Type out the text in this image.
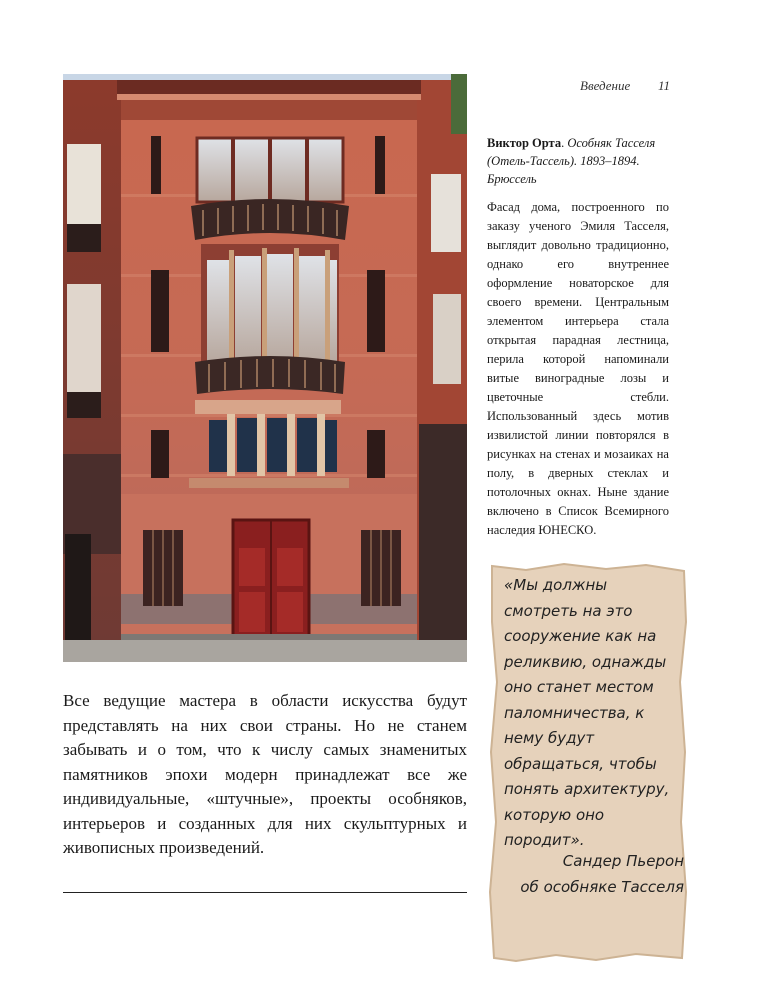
Введение 11

Виктор Орта. Особняк Тасселя (Отель-Тассель). 1893–1894. Брюссель

Фасад дома, построенного по заказу ученого Эмиля Тасселя, выглядит довольно традиционно, однако его внутреннее оформление новаторское для своего времени. Центральным элементом интерьера стала открытая парадная лестница, перила которой напоминали витые виноградные лозы и цветочные стебли. Использованный здесь мотив извилистой линии повторялся в рисунках на стенах и мозаиках на полу, в дверных стеклах и потолочных окнах. Ныне здание включено в Список Всемирного наследия ЮНЕСКО.

Все ведущие мастера в области искусства будут представлять на них свои страны. Но не станем забывать и о том, что к числу самых знаменитых памятников эпохи модерн принадлежат все же индивидуальные, «штучные», проекты особняков, интерьеров и созданных для них скульптурных и живописных произведений.

«Мы должны смотреть на это сооружение как на реликвию, однажды оно станет местом паломничества, к нему будут обращаться, чтобы понять архитектуру, которую оно породит».

Сандер Пьерон
об особняке Тасселя
